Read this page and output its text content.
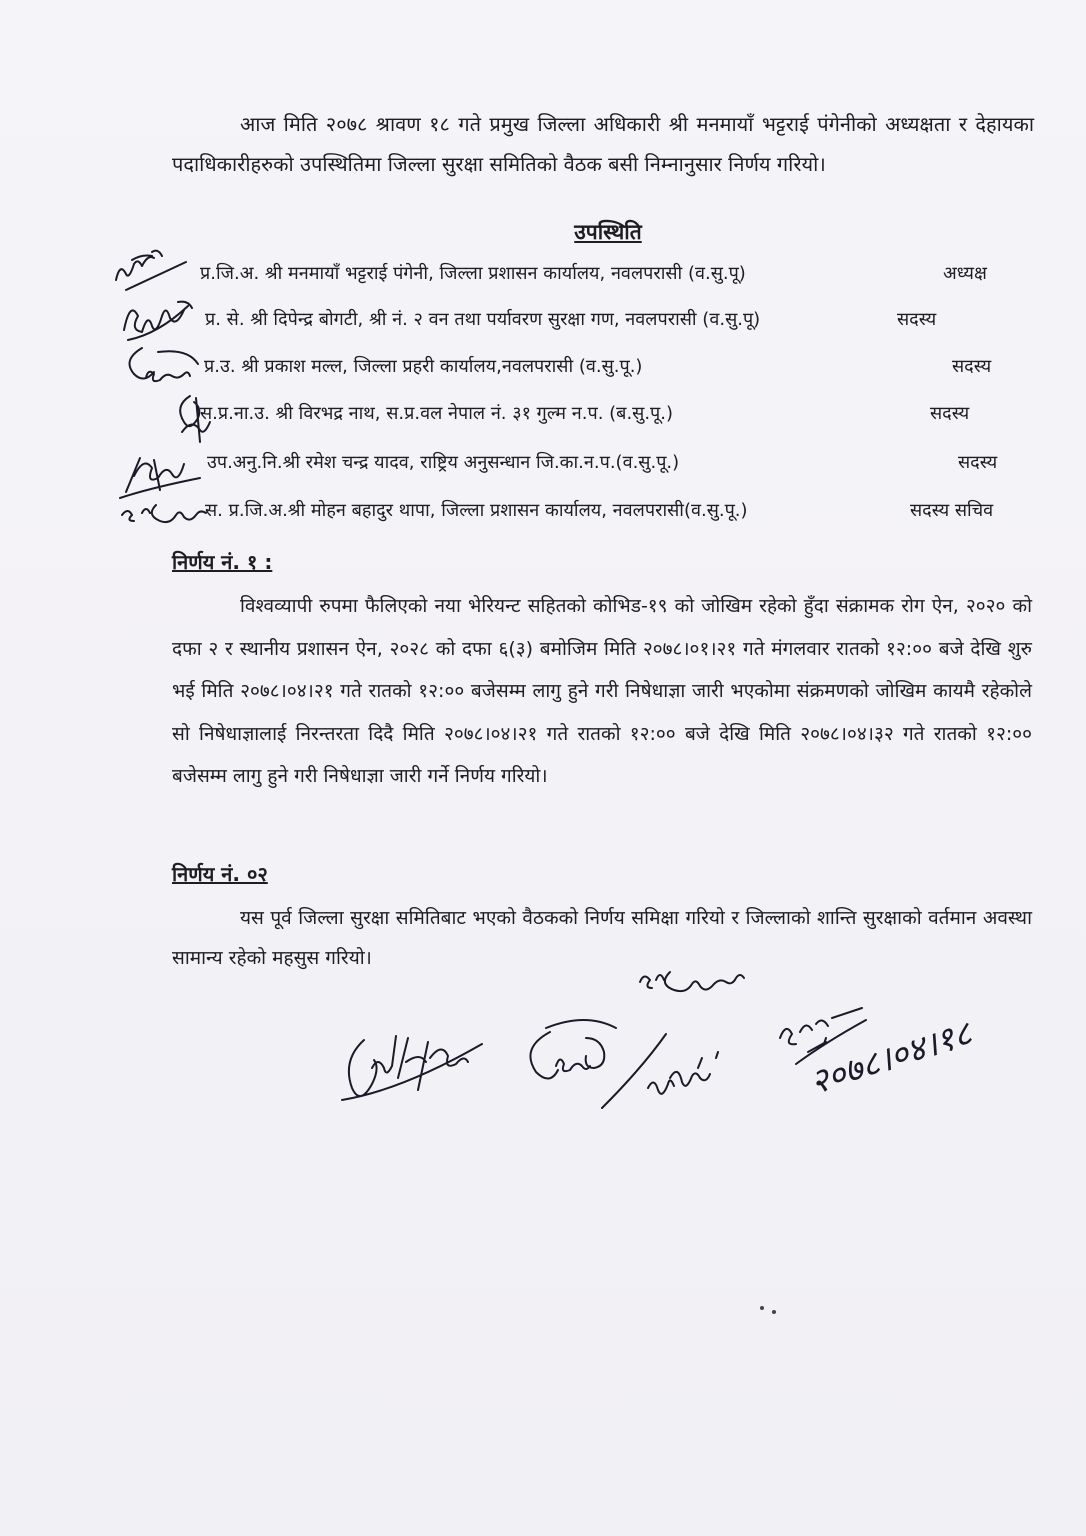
आज मिति २०७८ श्रावण १८ गते प्रमुख जिल्ला अधिकारी श्री मनमायाँ भट्टराई पंगेनीको अध्यक्षता र देहायका पदाधिकारीहरुको उपस्थितिमा जिल्ला सुरक्षा समितिको वैठक बसी निम्नानुसार निर्णय गरियो।

उपस्थिति
प्र.जि.अ. श्री मनमायाँ भट्टराई पंगेनी, जिल्ला प्रशासन कार्यालय, नवलपरासी (व.सु.पू)	अध्यक्ष
प्र. से. श्री दिपेन्द्र बोगटी, श्री नं. २ वन तथा पर्यावरण सुरक्षा गण, नवलपरासी (व.सु.पू)	सदस्य
प्र.उ. श्री प्रकाश मल्ल, जिल्ला प्रहरी कार्यालय,नवलपरासी (व.सु.पू.)	सदस्य
स.प्र.ना.उ. श्री विरभद्र नाथ, स.प्र.वल नेपाल नं. ३१ गुल्म न.प. (ब.सु.पू.)	सदस्य
उप.अनु.नि.श्री रमेश चन्द्र यादव, राष्ट्रिय अनुसन्धान जि.का.न.प.(व.सु.पू.)	सदस्य
स. प्र.जि.अ.श्री मोहन बहादुर थापा, जिल्ला प्रशासन कार्यालय, नवलपरासी(व.सु.पू.)	सदस्य सचिव
निर्णय नं. १ :

विश्वव्यापी रुपमा फैलिएको नया भेरियन्ट सहितको कोभिड-१९ को जोखिम रहेको हुँदा संक्रामक रोग ऐन, २०२० को दफा २ र स्थानीय प्रशासन ऐन, २०२८ को दफा ६(३) बमोजिम मिति २०७८।०१।२१ गते मंगलवार रातको १२:०० बजे देखि शुरु भई मिति २०७८।०४।२१ गते रातको १२:०० बजेसम्म लागु हुने गरी निषेधाज्ञा जारी भएकोमा संक्रमणको जोखिम कायमै रहेकोले सो निषेधाज्ञालाई निरन्तरता दिदै मिति २०७८।०४।२१ गते रातको १२:०० बजे देखि मिति २०७८।०४।३२ गते रातको १२:०० बजेसम्म लागु हुने गरी निषेधाज्ञा जारी गर्ने निर्णय गरियो।

निर्णय नं. ०२

यस पूर्व जिल्ला सुरक्षा समितिबाट भएको वैठकको निर्णय समिक्षा गरियो र जिल्लाको शान्ति सुरक्षाको वर्तमान अवस्था सामान्य रहेको महसुस गरियो।

२०७८।०४।१८
